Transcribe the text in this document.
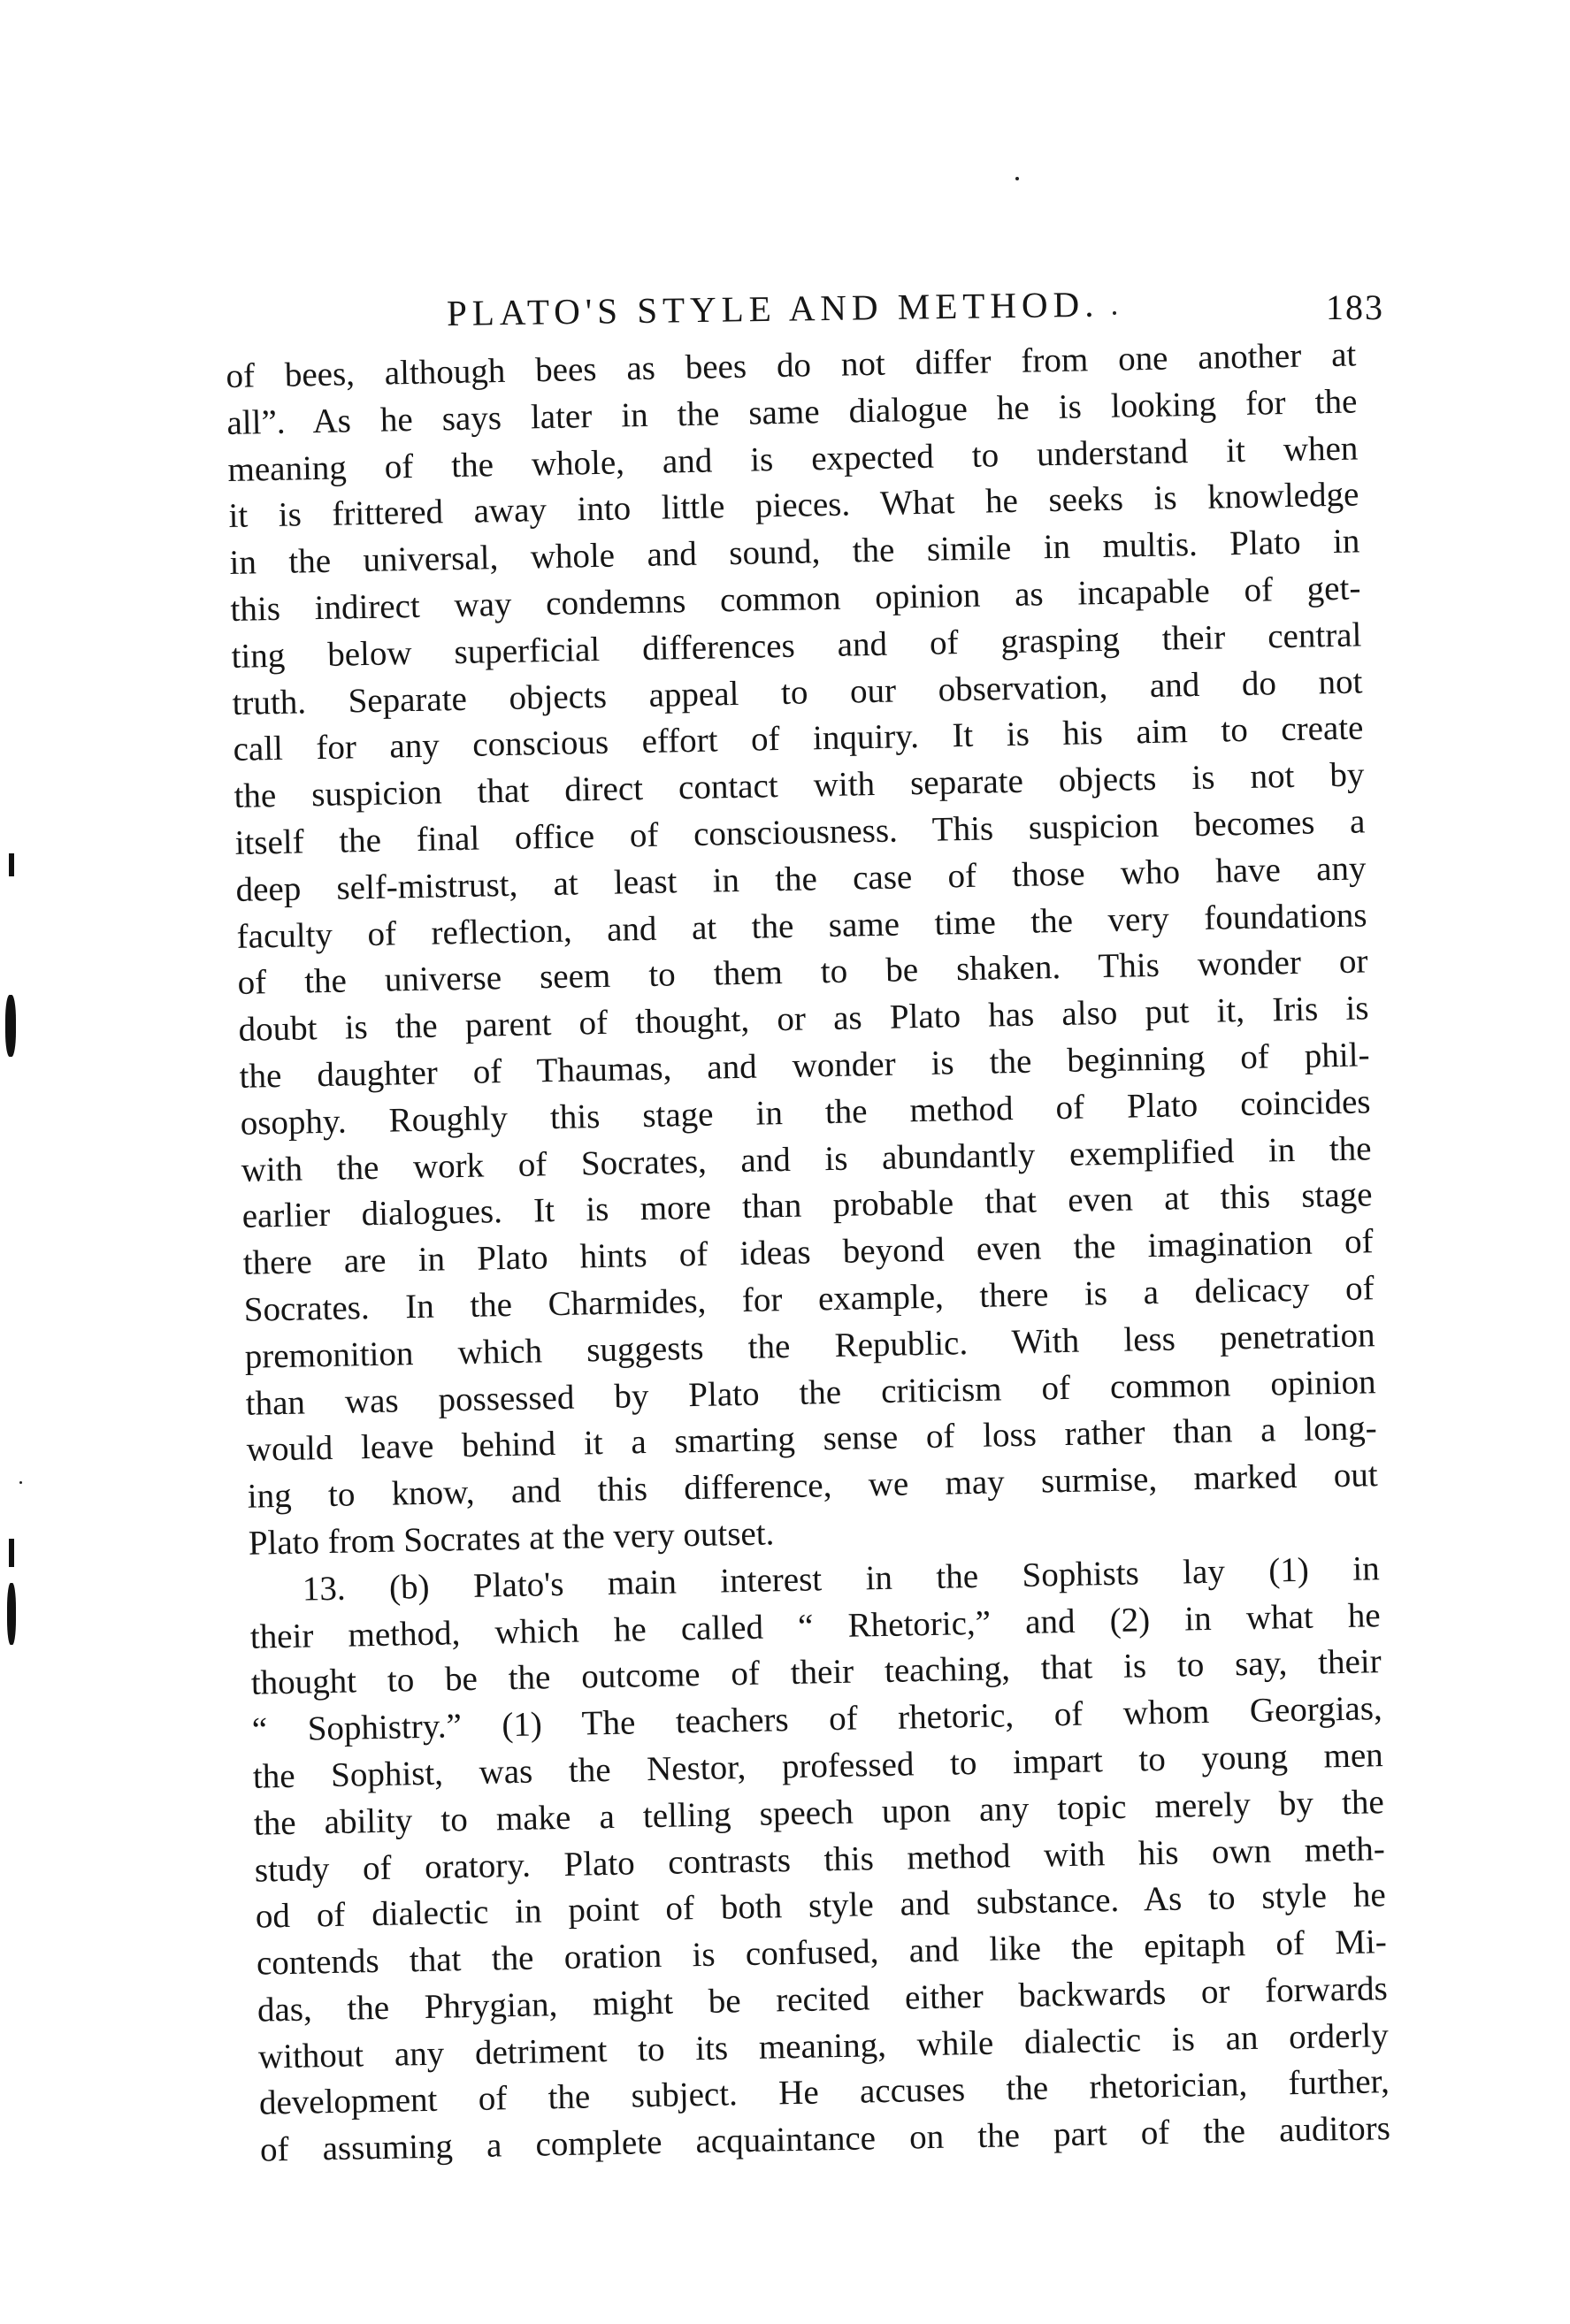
PLATO'S STYLE AND METHOD.	183
of bees, although bees as bees do not differ from one another at
all”. As he says later in the same dialogue he is looking for the
meaning of the whole, and is expected to understand it when
it is frittered away into little pieces. What he seeks is knowledge
in the universal, whole and sound, the simile in multis. Plato in
this indirect way condemns common opinion as incapable of get-
ting below superficial differences and of grasping their central
truth. Separate objects appeal to our observation, and do not
call for any conscious effort of inquiry. It is his aim to create
the suspicion that direct contact with separate objects is not by
itself the final office of consciousness. This suspicion becomes a
deep self-mistrust, at least in the case of those who have any
faculty of reflection, and at the same time the very foundations
of the universe seem to them to be shaken. This wonder or
doubt is the parent of thought, or as Plato has also put it, Iris is
the daughter of Thaumas, and wonder is the beginning of phil-
osophy. Roughly this stage in the method of Plato coincides
with the work of Socrates, and is abundantly exemplified in the
earlier dialogues. It is more than probable that even at this stage
there are in Plato hints of ideas beyond even the imagination of
Socrates. In the Charmides, for example, there is a delicacy of
premonition which suggests the Republic. With less penetration
than was possessed by Plato the criticism of common opinion
would leave behind it a smarting sense of loss rather than a long-
ing to know, and this difference, we may surmise, marked out
Plato from Socrates at the very outset.
13. (b) Plato's main interest in the Sophists lay (1) in
their method, which he called “ Rhetoric,” and (2) in what he
thought to be the outcome of their teaching, that is to say, their
“ Sophistry.” (1) The teachers of rhetoric, of whom Georgias,
the Sophist, was the Nestor, professed to impart to young men
the ability to make a telling speech upon any topic merely by the
study of oratory. Plato contrasts this method with his own meth-
od of dialectic in point of both style and substance. As to style he
contends that the oration is confused, and like the epitaph of Mi-
das, the Phrygian, might be recited either backwards or forwards
without any detriment to its meaning, while dialectic is an orderly
development of the subject. He accuses the rhetorician, further,
of assuming a complete acquaintance on the part of the auditors
